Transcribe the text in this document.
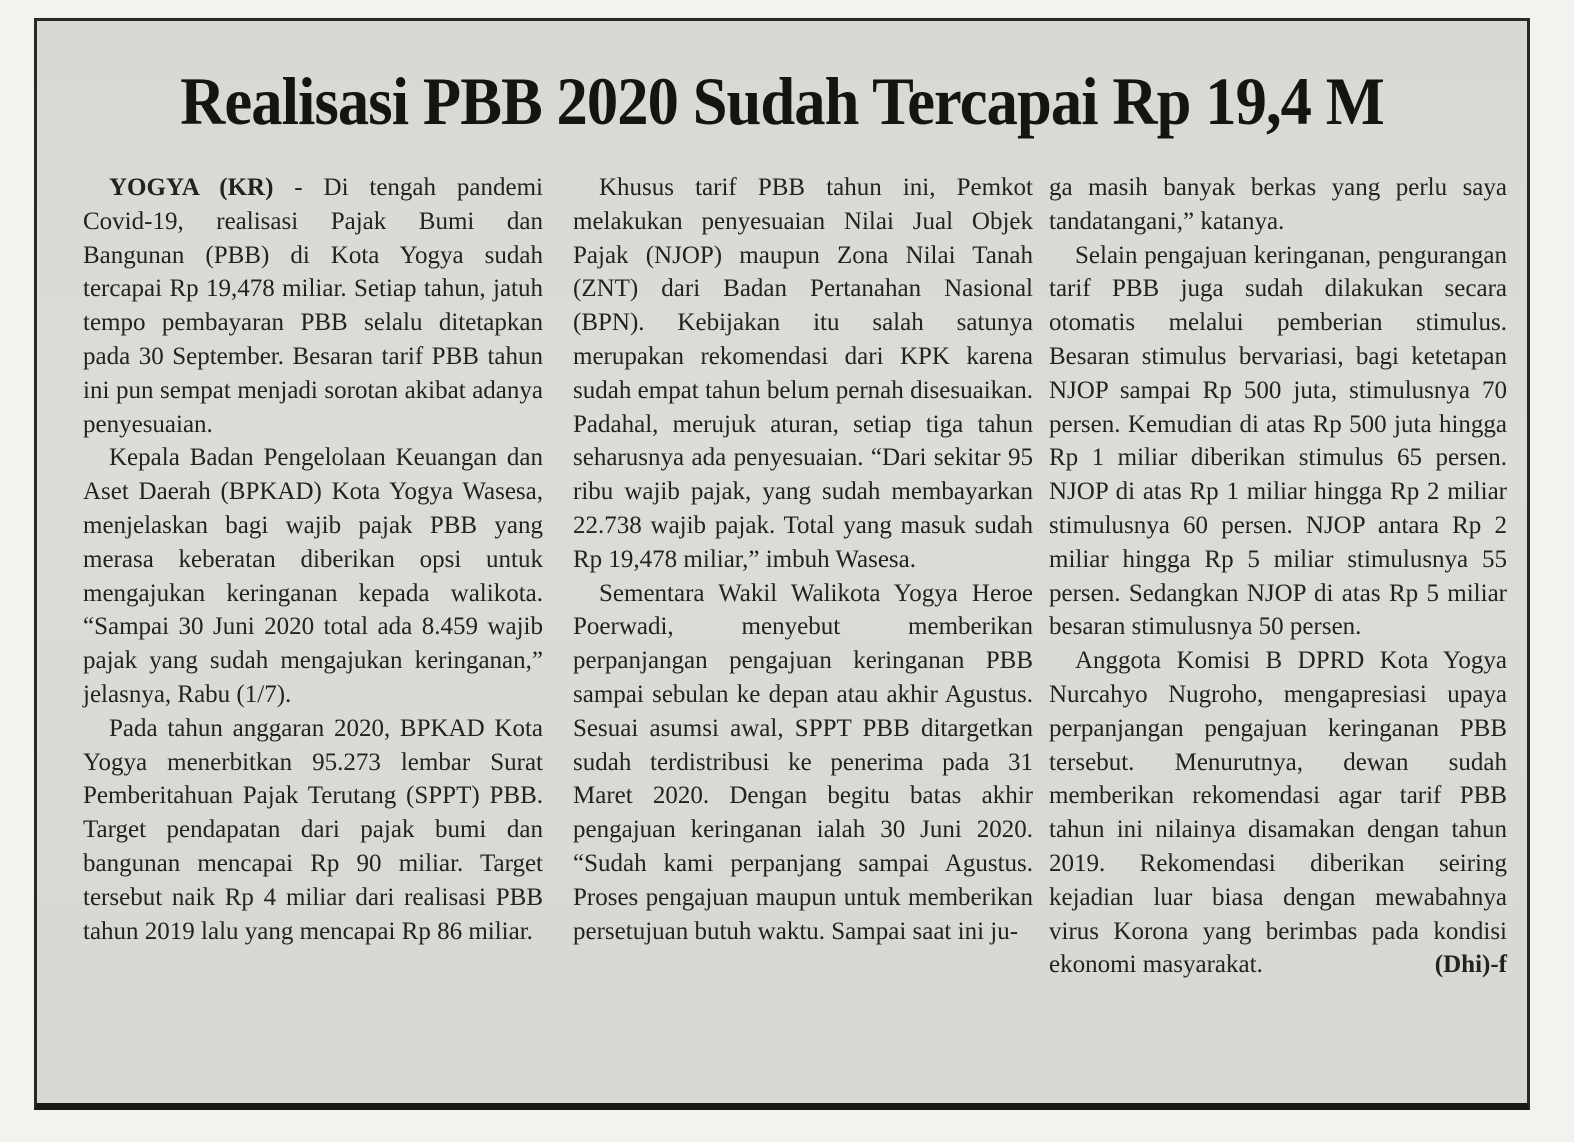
Realisasi PBB 2020 Sudah Tercapai Rp 19,4 M

YOGYA (KR) - Di tengah pandemi Covid-19, realisasi Pajak Bumi dan Bangunan (PBB) di Kota Yogya sudah tercapai Rp 19,478 miliar. Setiap tahun, jatuh tempo pembayaran PBB selalu ditetapkan pada 30 September. Besaran tarif PBB tahun ini pun sempat menjadi sorotan akibat adanya penyesuaian.

Kepala Badan Pengelolaan Keuangan dan Aset Daerah (BPKAD) Kota Yogya Wasesa, menjelaskan bagi wajib pajak PBB yang merasa keberatan diberikan opsi untuk mengajukan keringanan kepada walikota. “Sampai 30 Juni 2020 total ada 8.459 wajib pajak yang sudah mengajukan keringanan,” jelasnya, Rabu (1/7).

Pada tahun anggaran 2020, BPKAD Kota Yogya menerbitkan 95.273 lembar Surat Pemberitahuan Pajak Terutang (SPPT) PBB. Target pendapatan dari pajak bumi dan bangunan mencapai Rp 90 miliar. Target tersebut naik Rp 4 miliar dari realisasi PBB tahun 2019 lalu yang mencapai Rp 86 miliar.

Khusus tarif PBB tahun ini, Pemkot melakukan penyesuaian Nilai Jual Objek Pajak (NJOP) maupun Zona Nilai Tanah (ZNT) dari Badan Pertanahan Nasional (BPN). Kebijakan itu salah satunya merupakan rekomendasi dari KPK karena sudah empat tahun belum pernah disesuaikan. Padahal, merujuk aturan, setiap tiga tahun seharusnya ada penyesuaian. “Dari sekitar 95 ribu wajib pajak, yang sudah membayarkan 22.738 wajib pajak. Total yang masuk sudah Rp 19,478 miliar,” imbuh Wasesa.

Sementara Wakil Walikota Yogya Heroe Poerwadi, menyebut memberikan perpanjangan pengajuan keringanan PBB sampai sebulan ke depan atau akhir Agustus. Sesuai asumsi awal, SPPT PBB ditargetkan sudah terdistribusi ke penerima pada 31 Maret 2020. Dengan begitu batas akhir pengajuan keringanan ialah 30 Juni 2020. “Sudah kami perpanjang sampai Agustus. Proses pengajuan maupun untuk memberikan persetujuan butuh waktu. Sampai saat ini ju-

ga masih banyak berkas yang perlu saya tandatangani,” katanya.

Selain pengajuan keringanan, pengurangan tarif PBB juga sudah dilakukan secara otomatis melalui pemberian stimulus. Besaran stimulus bervariasi, bagi ketetapan NJOP sampai Rp 500 juta, stimulusnya 70 persen. Kemudian di atas Rp 500 juta hingga Rp 1 miliar diberikan stimulus 65 persen. NJOP di atas Rp 1 miliar hingga Rp 2 miliar stimulusnya 60 persen. NJOP antara Rp 2 miliar hingga Rp 5 miliar stimulusnya 55 persen. Sedangkan NJOP di atas Rp 5 miliar besaran stimulusnya 50 persen.

Anggota Komisi B DPRD Kota Yogya Nurcahyo Nugroho, mengapresiasi upaya perpanjangan pengajuan keringanan PBB tersebut. Menurutnya, dewan sudah memberikan rekomendasi agar tarif PBB tahun ini nilainya disamakan dengan tahun 2019. Rekomendasi diberikan seiring kejadian luar biasa dengan mewabahnya virus Korona yang berimbas pada kondisi ekonomi masyarakat.	(Dhi)-f
